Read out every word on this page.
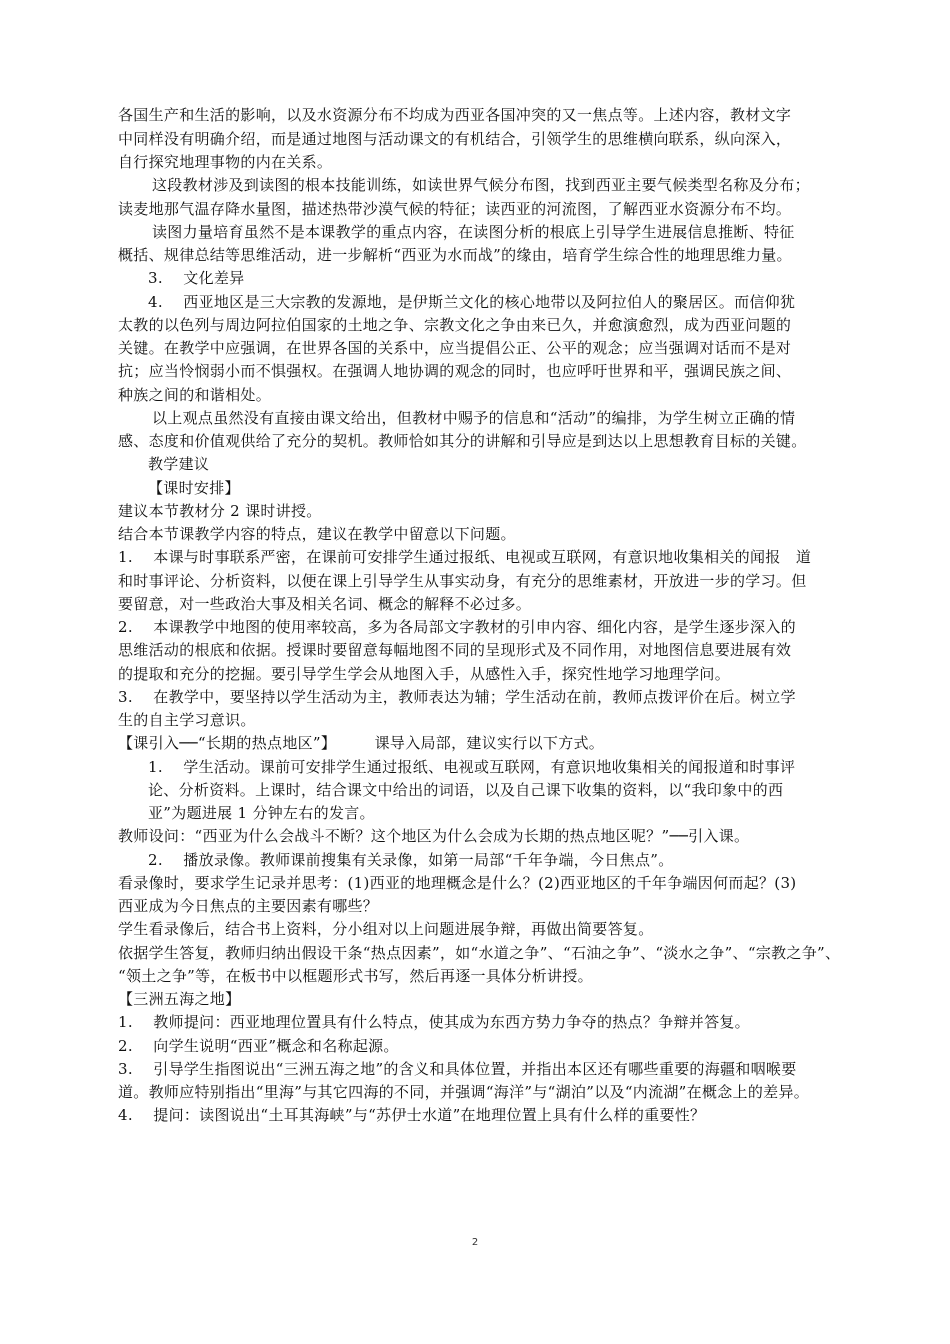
各国生产和生活的影响，以及水资源分布不均成为西亚各国冲突的又一焦点等。上述内容，教材文字
中同样没有明确介绍，而是通过地图与活动课文的有机结合，引领学生的思维横向联系，纵向深入，
自行探究地理事物的内在关系。
这段教材涉及到读图的根本技能训练，如读世界气候分布图，找到西亚主要气候类型名称及分布；
读麦地那气温存降水量图，描述热带沙漠气候的特征；读西亚的河流图，了解西亚水资源分布不均。
读图力量培育虽然不是本课教学的重点内容，在读图分析的根底上引导学生进展信息推断、特征
概括、规律总结等思维活动，进一步解析“西亚为水而战”的缘由，培育学生综合性的地理思维力量。
3.　 文化差异
4.　 西亚地区是三大宗教的发源地，是伊斯兰文化的核心地带以及阿拉伯人的聚居区。而信仰犹
太教的以色列与周边阿拉伯国家的土地之争、宗教文化之争由来已久，并愈演愈烈，成为西亚问题的
关键。在教学中应强调，在世界各国的关系中，应当提倡公正、公平的观念；应当强调对话而不是对
抗；应当怜悯弱小而不惧强权。在强调人地协调的观念的同时，也应呼吁世界和平，强调民族之间、
种族之间的和谐相处。
以上观点虽然没有直接由课文给出，但教材中赐予的信息和“活动”的编排，为学生树立正确的情
感、态度和价值观供给了充分的契机。教师恰如其分的讲解和引导应是到达以上思想教育目标的关键。
教学建议
【课时安排】
建议本节教材分 2 课时讲授。
结合本节课教学内容的特点，建议在教学中留意以下问题。
1.　 本课与时事联系严密，在课前可安排学生通过报纸、电视或互联网，有意识地收集相关的闻报　道
和时事评论、分析资料，以便在课上引导学生从事实动身，有充分的思维素材，开放进一步的学习。但
要留意，对一些政治大事及相关名词、概念的解释不必过多。
2.　 本课教学中地图的使用率较高，多为各局部文字教材的引申内容、细化内容，是学生逐步深入的
思维活动的根底和依据。授课时要留意每幅地图不同的呈现形式及不同作用，对地图信息要进展有效
的提取和充分的挖掘。要引导学生学会从地图入手，从感性入手，探究性地学习地理学问。
3.　 在教学中，要坚持以学生活动为主，教师表达为辅；学生活动在前，教师点拨评价在后。树立学
生的自主学习意识。
【课引入──“长期的热点地区”】　　　课导入局部，建议实行以下方式。
1.　 学生活动。课前可安排学生通过报纸、电视或互联网，有意识地收集相关的闻报道和时事评
论、分析资料。上课时，结合课文中给出的词语，以及自己课下收集的资料，以“我印象中的西
亚”为题进展 1 分钟左右的发言。
教师设问：“西亚为什么会战斗不断？这个地区为什么会成为长期的热点地区呢？”──引入课。
2.　 播放录像。教师课前搜集有关录像，如第一局部“千年争端，今日焦点”。
看录像时，要求学生记录并思考：(1)西亚的地理概念是什么？(2)西亚地区的千年争端因何而起？(3)
西亚成为今日焦点的主要因素有哪些？
学生看录像后，结合书上资料，分小组对以上问题进展争辩，再做出简要答复。
依据学生答复，教师归纳出假设干条“热点因素”，如“水道之争”、“石油之争”、“淡水之争”、“宗教之争”、
“领土之争”等，在板书中以框题形式书写，然后再逐一具体分析讲授。
【三洲五海之地】
1.　 教师提问：西亚地理位置具有什么特点，使其成为东西方势力争夺的热点？争辩并答复。
2.　 向学生说明“西亚”概念和名称起源。
3.　 引导学生指图说出“三洲五海之地”的含义和具体位置，并指出本区还有哪些重要的海疆和咽喉要
道。教师应特别指出“里海”与其它四海的不同，并强调“海洋”与“湖泊”以及“内流湖”在概念上的差异。
4.　 提问：读图说出“土耳其海峡”与“苏伊士水道”在地理位置上具有什么样的重要性？
2
